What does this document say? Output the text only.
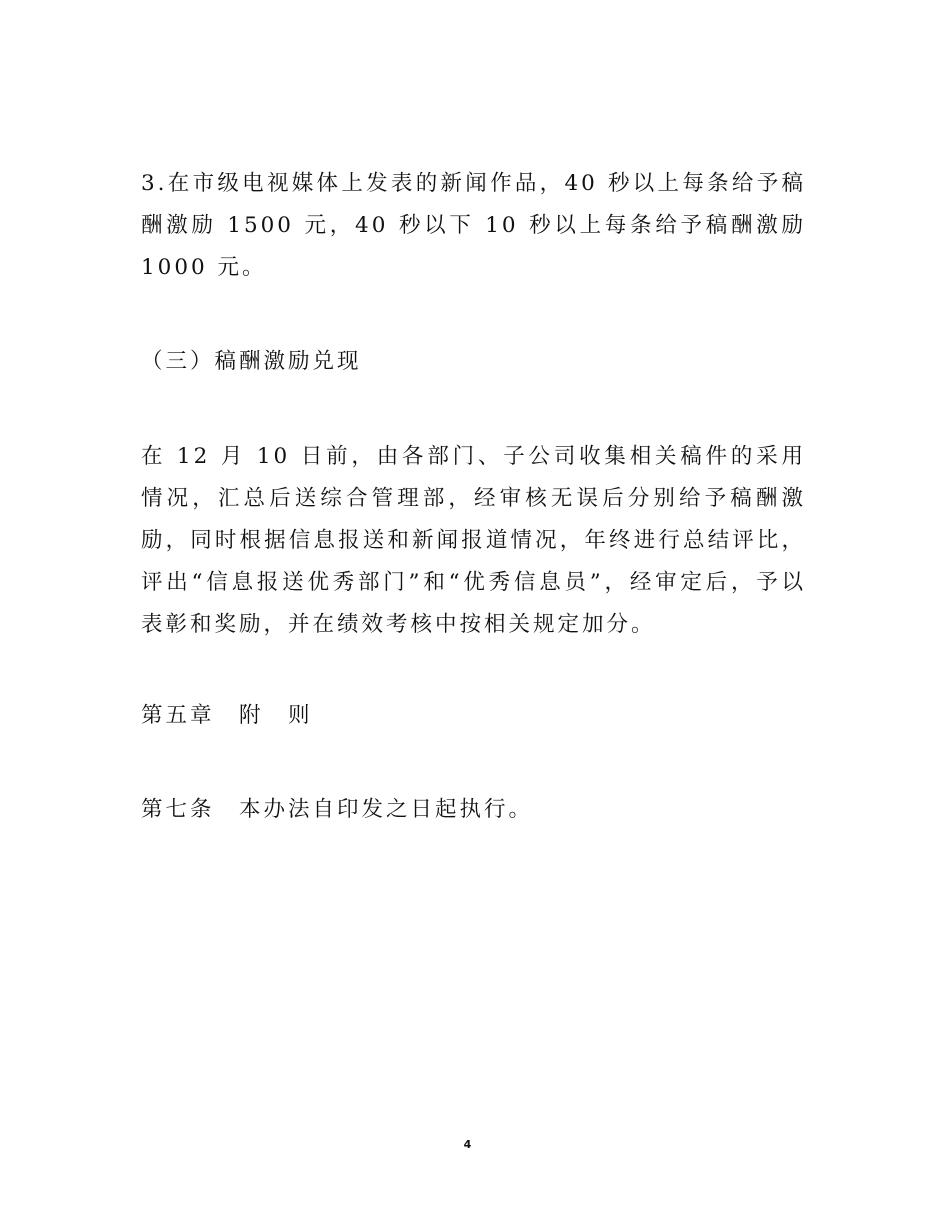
3.在市级电视媒体上发表的新闻作品，40 秒以上每条给予稿酬激励 1500 元，40 秒以下 10 秒以上每条给予稿酬激励 1000 元。

（三）稿酬激励兑现

在 12 月 10 日前，由各部门、子公司收集相关稿件的采用情况，汇总后送综合管理部，经审核无误后分别给予稿酬激励，同时根据信息报送和新闻报道情况，年终进行总结评比，评出“信息报送优秀部门”和“优秀信息员”，经审定后，予以表彰和奖励，并在绩效考核中按相关规定加分。

第五章　附　则

第七条　本办法自印发之日起执行。

4
